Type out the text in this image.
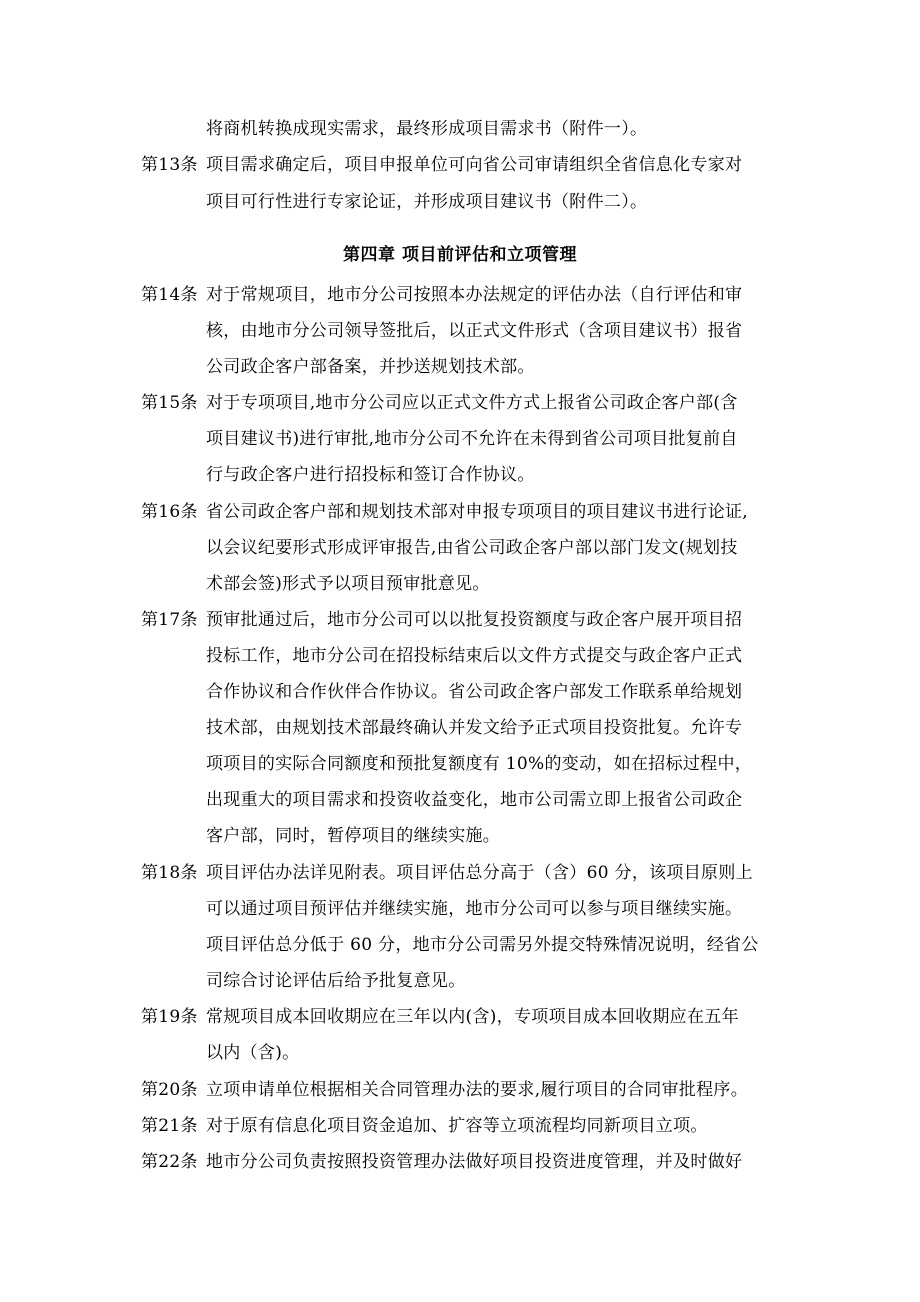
将商机转换成现实需求，最终形成项目需求书（附件一）。
第13条 项目需求确定后，项目申报单位可向省公司审请组织全省信息化专家对
项目可行性进行专家论证，并形成项目建议书（附件二）。
第四章 项目前评估和立项管理
第14条 对于常规项目，地市分公司按照本办法规定的评估办法（自行评估和审
核，由地市分公司领导签批后，以正式文件形式（含项目建议书）报省
公司政企客户部备案，并抄送规划技术部。
第15条 对于专项项目,地市分公司应以正式文件方式上报省公司政企客户部(含
项目建议书)进行审批,地市分公司不允许在未得到省公司项目批复前自
行与政企客户进行招投标和签订合作协议。
第16条 省公司政企客户部和规划技术部对申报专项项目的项目建议书进行论证,
以会议纪要形式形成评审报告,由省公司政企客户部以部门发文(规划技
术部会签)形式予以项目预审批意见。
第17条 预审批通过后，地市分公司可以以批复投资额度与政企客户展开项目招
投标工作，地市分公司在招投标结束后以文件方式提交与政企客户正式
合作协议和合作伙伴合作协议。省公司政企客户部发工作联系单给规划
技术部，由规划技术部最终确认并发文给予正式项目投资批复。允许专
项项目的实际合同额度和预批复额度有 10%的变动，如在招标过程中，
出现重大的项目需求和投资收益变化，地市公司需立即上报省公司政企
客户部，同时，暂停项目的继续实施。
第18条 项目评估办法详见附表。项目评估总分高于（含）60 分，该项目原则上
可以通过项目预评估并继续实施，地市分公司可以参与项目继续实施。
项目评估总分低于 60 分，地市分公司需另外提交特殊情况说明，经省公
司综合讨论评估后给予批复意见。
第19条 常规项目成本回收期应在三年以内(含)，专项项目成本回收期应在五年
以内（含)。
第20条 立项申请单位根据相关合同管理办法的要求,履行项目的合同审批程序。
第21条 对于原有信息化项目资金追加、扩容等立项流程均同新项目立项。
第22条 地市分公司负责按照投资管理办法做好项目投资进度管理，并及时做好
